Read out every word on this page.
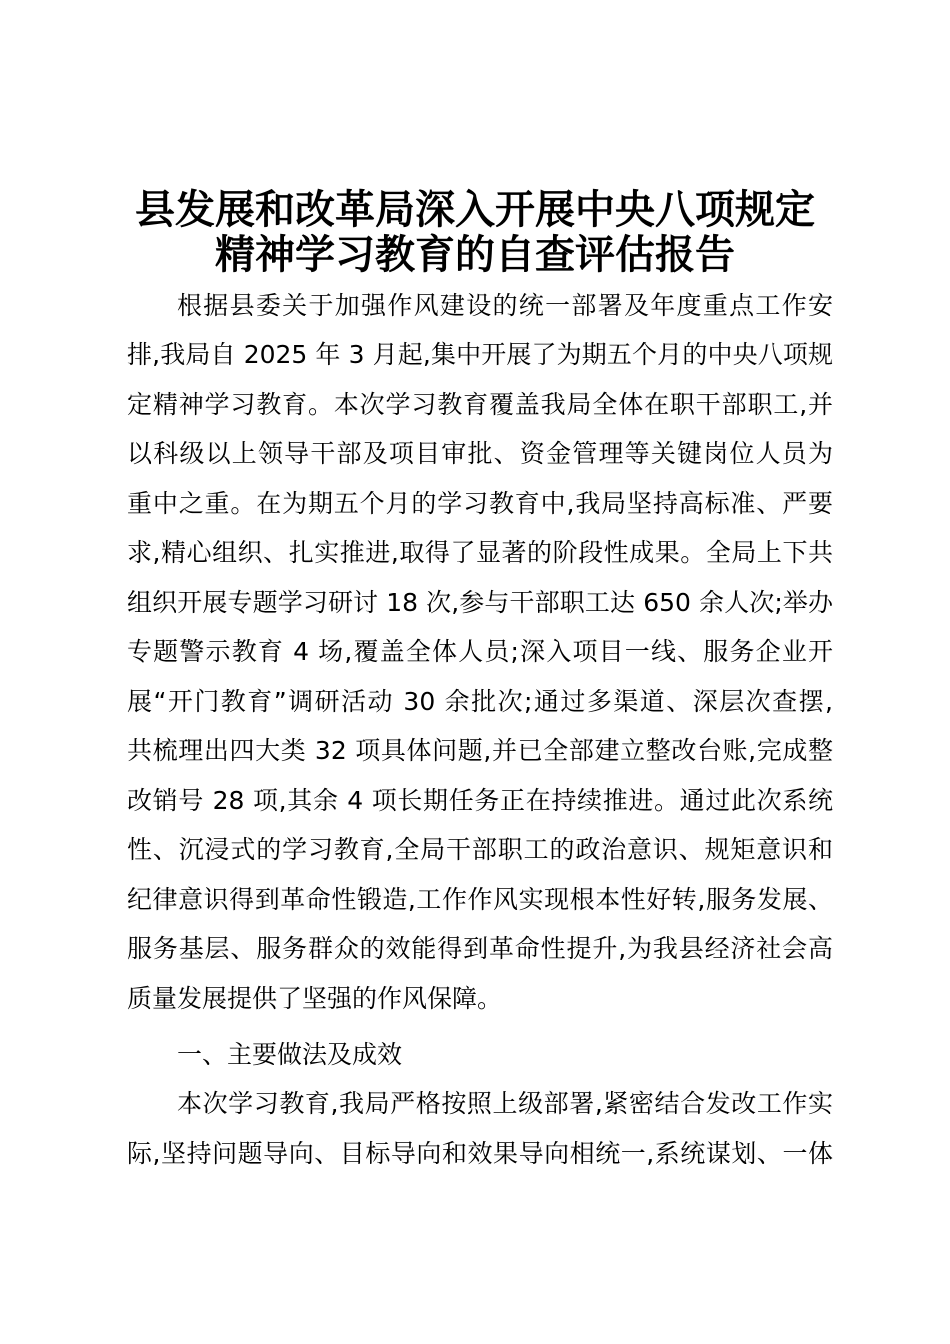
县发展和改革局深入开展中央八项规定
精神学习教育的自查评估报告

根据县委关于加强作风建设的统一部署及年度重点工作安

排,我局自 2025 年 3 月起,集中开展了为期五个月的中央八项规

定精神学习教育。本次学习教育覆盖我局全体在职干部职工,并

以科级以上领导干部及项目审批、资金管理等关键岗位人员为

重中之重。在为期五个月的学习教育中,我局坚持高标准、严要

求,精心组织、扎实推进,取得了显著的阶段性成果。全局上下共

组织开展专题学习研讨 18 次,参与干部职工达 650 余人次;举办

专题警示教育 4 场,覆盖全体人员;深入项目一线、服务企业开

展“开门教育”调研活动 30 余批次;通过多渠道、深层次查摆,

共梳理出四大类 32 项具体问题,并已全部建立整改台账,完成整

改销号 28 项,其余 4 项长期任务正在持续推进。通过此次系统

性、沉浸式的学习教育,全局干部职工的政治意识、规矩意识和

纪律意识得到革命性锻造,工作作风实现根本性好转,服务发展、

服务基层、服务群众的效能得到革命性提升,为我县经济社会高

质量发展提供了坚强的作风保障。

一、主要做法及成效

本次学习教育,我局严格按照上级部署,紧密结合发改工作实

际,坚持问题导向、目标导向和效果导向相统一,系统谋划、一体
